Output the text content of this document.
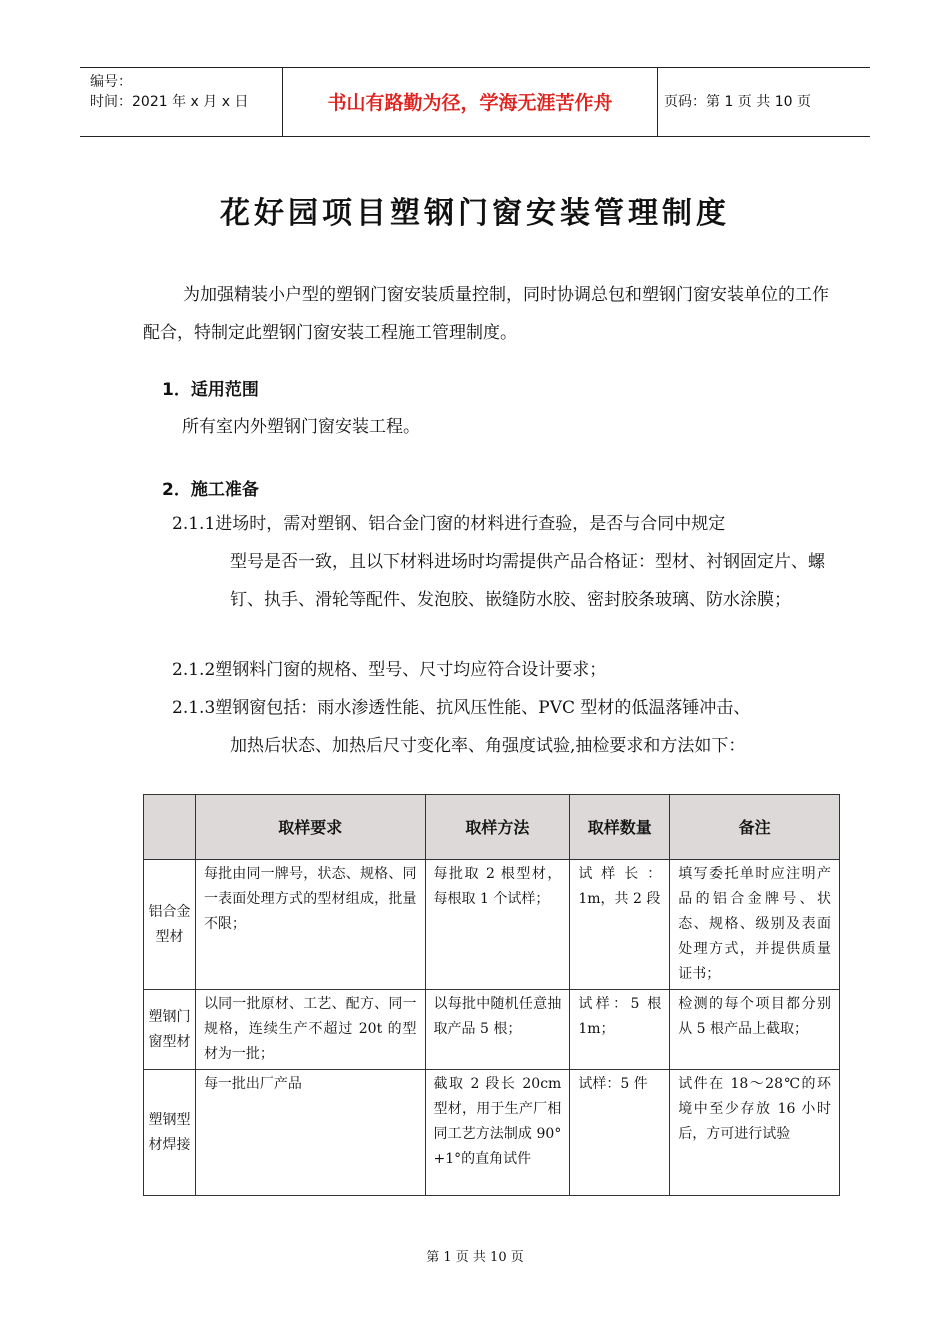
编号：
时间：2021 年 x 月 x 日	书山有路勤为径，学海无涯苦作舟	页码：第 1 页 共 10 页
花好园项目塑钢门窗安装管理制度
为加强精装小户型的塑钢门窗安装质量控制，同时协调总包和塑钢门窗安装单位的工作配合，特制定此塑钢门窗安装工程施工管理制度。
1．适用范围
所有室内外塑钢门窗安装工程。
2．施工准备
2.1.1进场时，需对塑钢、铝合金门窗的材料进行查验，是否与合同中规定
型号是否一致，且以下材料进场时均需提供产品合格证：型材、衬钢固定片、螺钉、执手、滑轮等配件、发泡胶、嵌缝防水胶、密封胶条玻璃、防水涂膜；
2.1.2塑钢料门窗的规格、型号、尺寸均应符合设计要求；
2.1.3塑钢窗包括：雨水渗透性能、抗风压性能、PVC 型材的低温落锤冲击、
加热后状态、加热后尺寸变化率、角强度试验,抽检要求和方法如下：
	取样要求	取样方法	取样数量	备注
铝合金型材	每批由同一牌号，状态、规格、同一表面处理方式的型材组成，批量不限；	每批取 2 根型材，每根取 1 个试样；	试样长：1m，共 2 段	填写委托单时应注明产品的铝合金牌号、状态、规格、级别及表面处理方式，并提供质量证书；
塑钢门窗型材	以同一批原材、工艺、配方、同一规格，连续生产不超过 20t 的型材为一批；	以每批中随机任意抽取产品 5 根；	试样：5 根 1m；	检测的每个项目都分别从 5 根产品上截取；
塑钢型材焊接	每一批出厂产品	截取 2 段长 20cm 型材，用于生产厂相同工艺方法制成 90°+1°的直角试件	试样：5 件	试件在 18～28℃的环境中至少存放 16 小时后，方可进行试验
第 1 页 共 10 页
